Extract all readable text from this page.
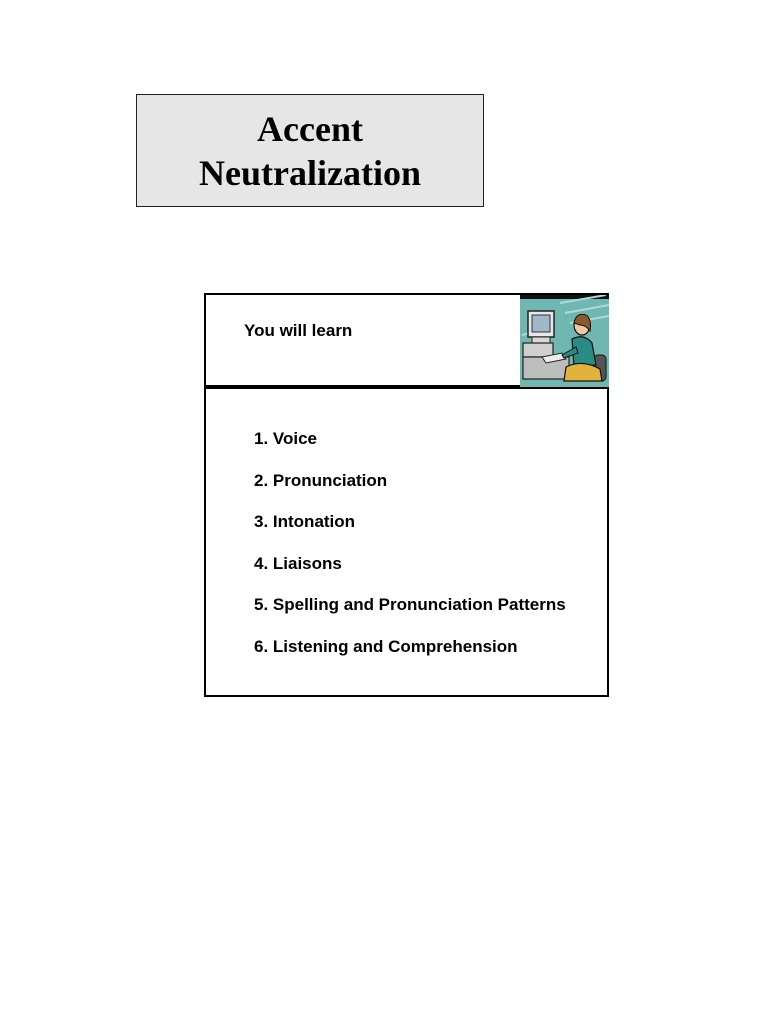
Accent
Neutralization
You will learn
1. Voice
2. Pronunciation
3. Intonation
4. Liaisons
5. Spelling and Pronunciation Patterns
6. Listening and Comprehension
